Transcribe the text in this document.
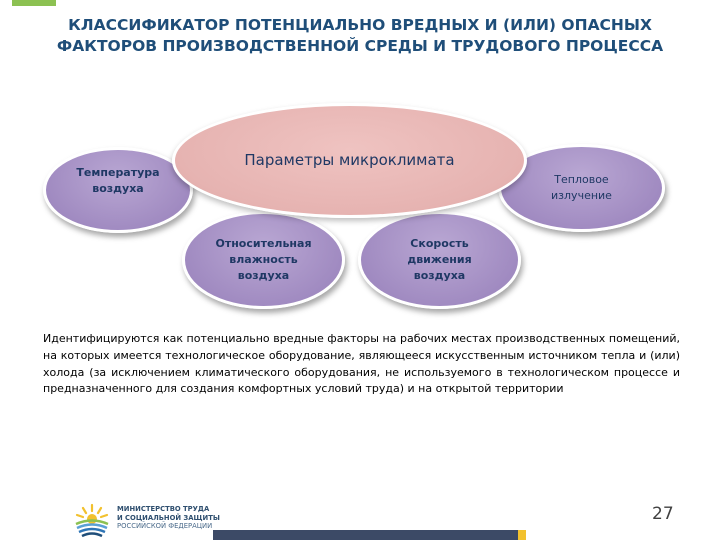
КЛАССИФИКАТОР ПОТЕНЦИАЛЬНО ВРЕДНЫХ И (ИЛИ) ОПАСНЫХ
ФАКТОРОВ ПРОИЗВОДСТВЕННОЙ СРЕДЫ И ТРУДОВОГО ПРОЦЕССА
Температура
воздуха
Тепловое
излучение
Относительная
влажность
воздуха
Скорость
движения
воздуха
Параметры микроклимата
Идентифицируются как потенциально вредные факторы на рабочих местах производственных помещений, на которых имеется технологическое оборудование, являющееся искусственным источником тепла и (или) холода (за исключением климатического оборудования, не используемого в технологическом процессе и предназначенного для создания комфортных условий труда) и на открытой территории
МИНИСТЕРСТВО ТРУДА
И СОЦИАЛЬНОЙ ЗАЩИТЫ
РОССИЙСКОЙ ФЕДЕРАЦИИ
27
